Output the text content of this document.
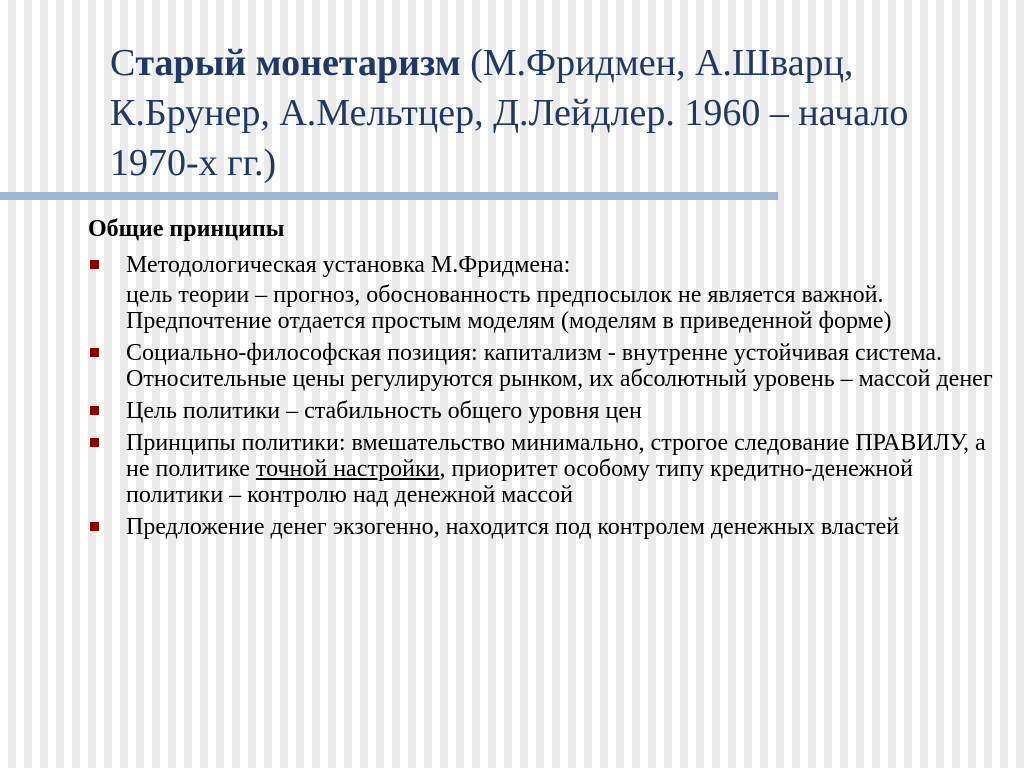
Старый монетаризм (М.Фридмен, А.Шварц, К.Брунер, А.Мельтцер, Д.Лейдлер. 1960 – начало 1970-х гг.)
Общие принципы
Методологическая установка М.Фридмена:
цель теории – прогноз, обоснованность предпосылок не является важной. Предпочтение отдается простым моделям (моделям в приведенной форме)
Социально-философская позиция: капитализм - внутренне устойчивая система. Относительные цены регулируются рынком, их абсолютный уровень – массой денег
Цель политики – стабильность общего уровня цен
Принципы политики: вмешательство минимально, строгое следование ПРАВИЛУ, а не политике точной настройки, приоритет особому типу кредитно-денежной политики – контролю над денежной массой
Предложение денег экзогенно, находится под контролем денежных властей
